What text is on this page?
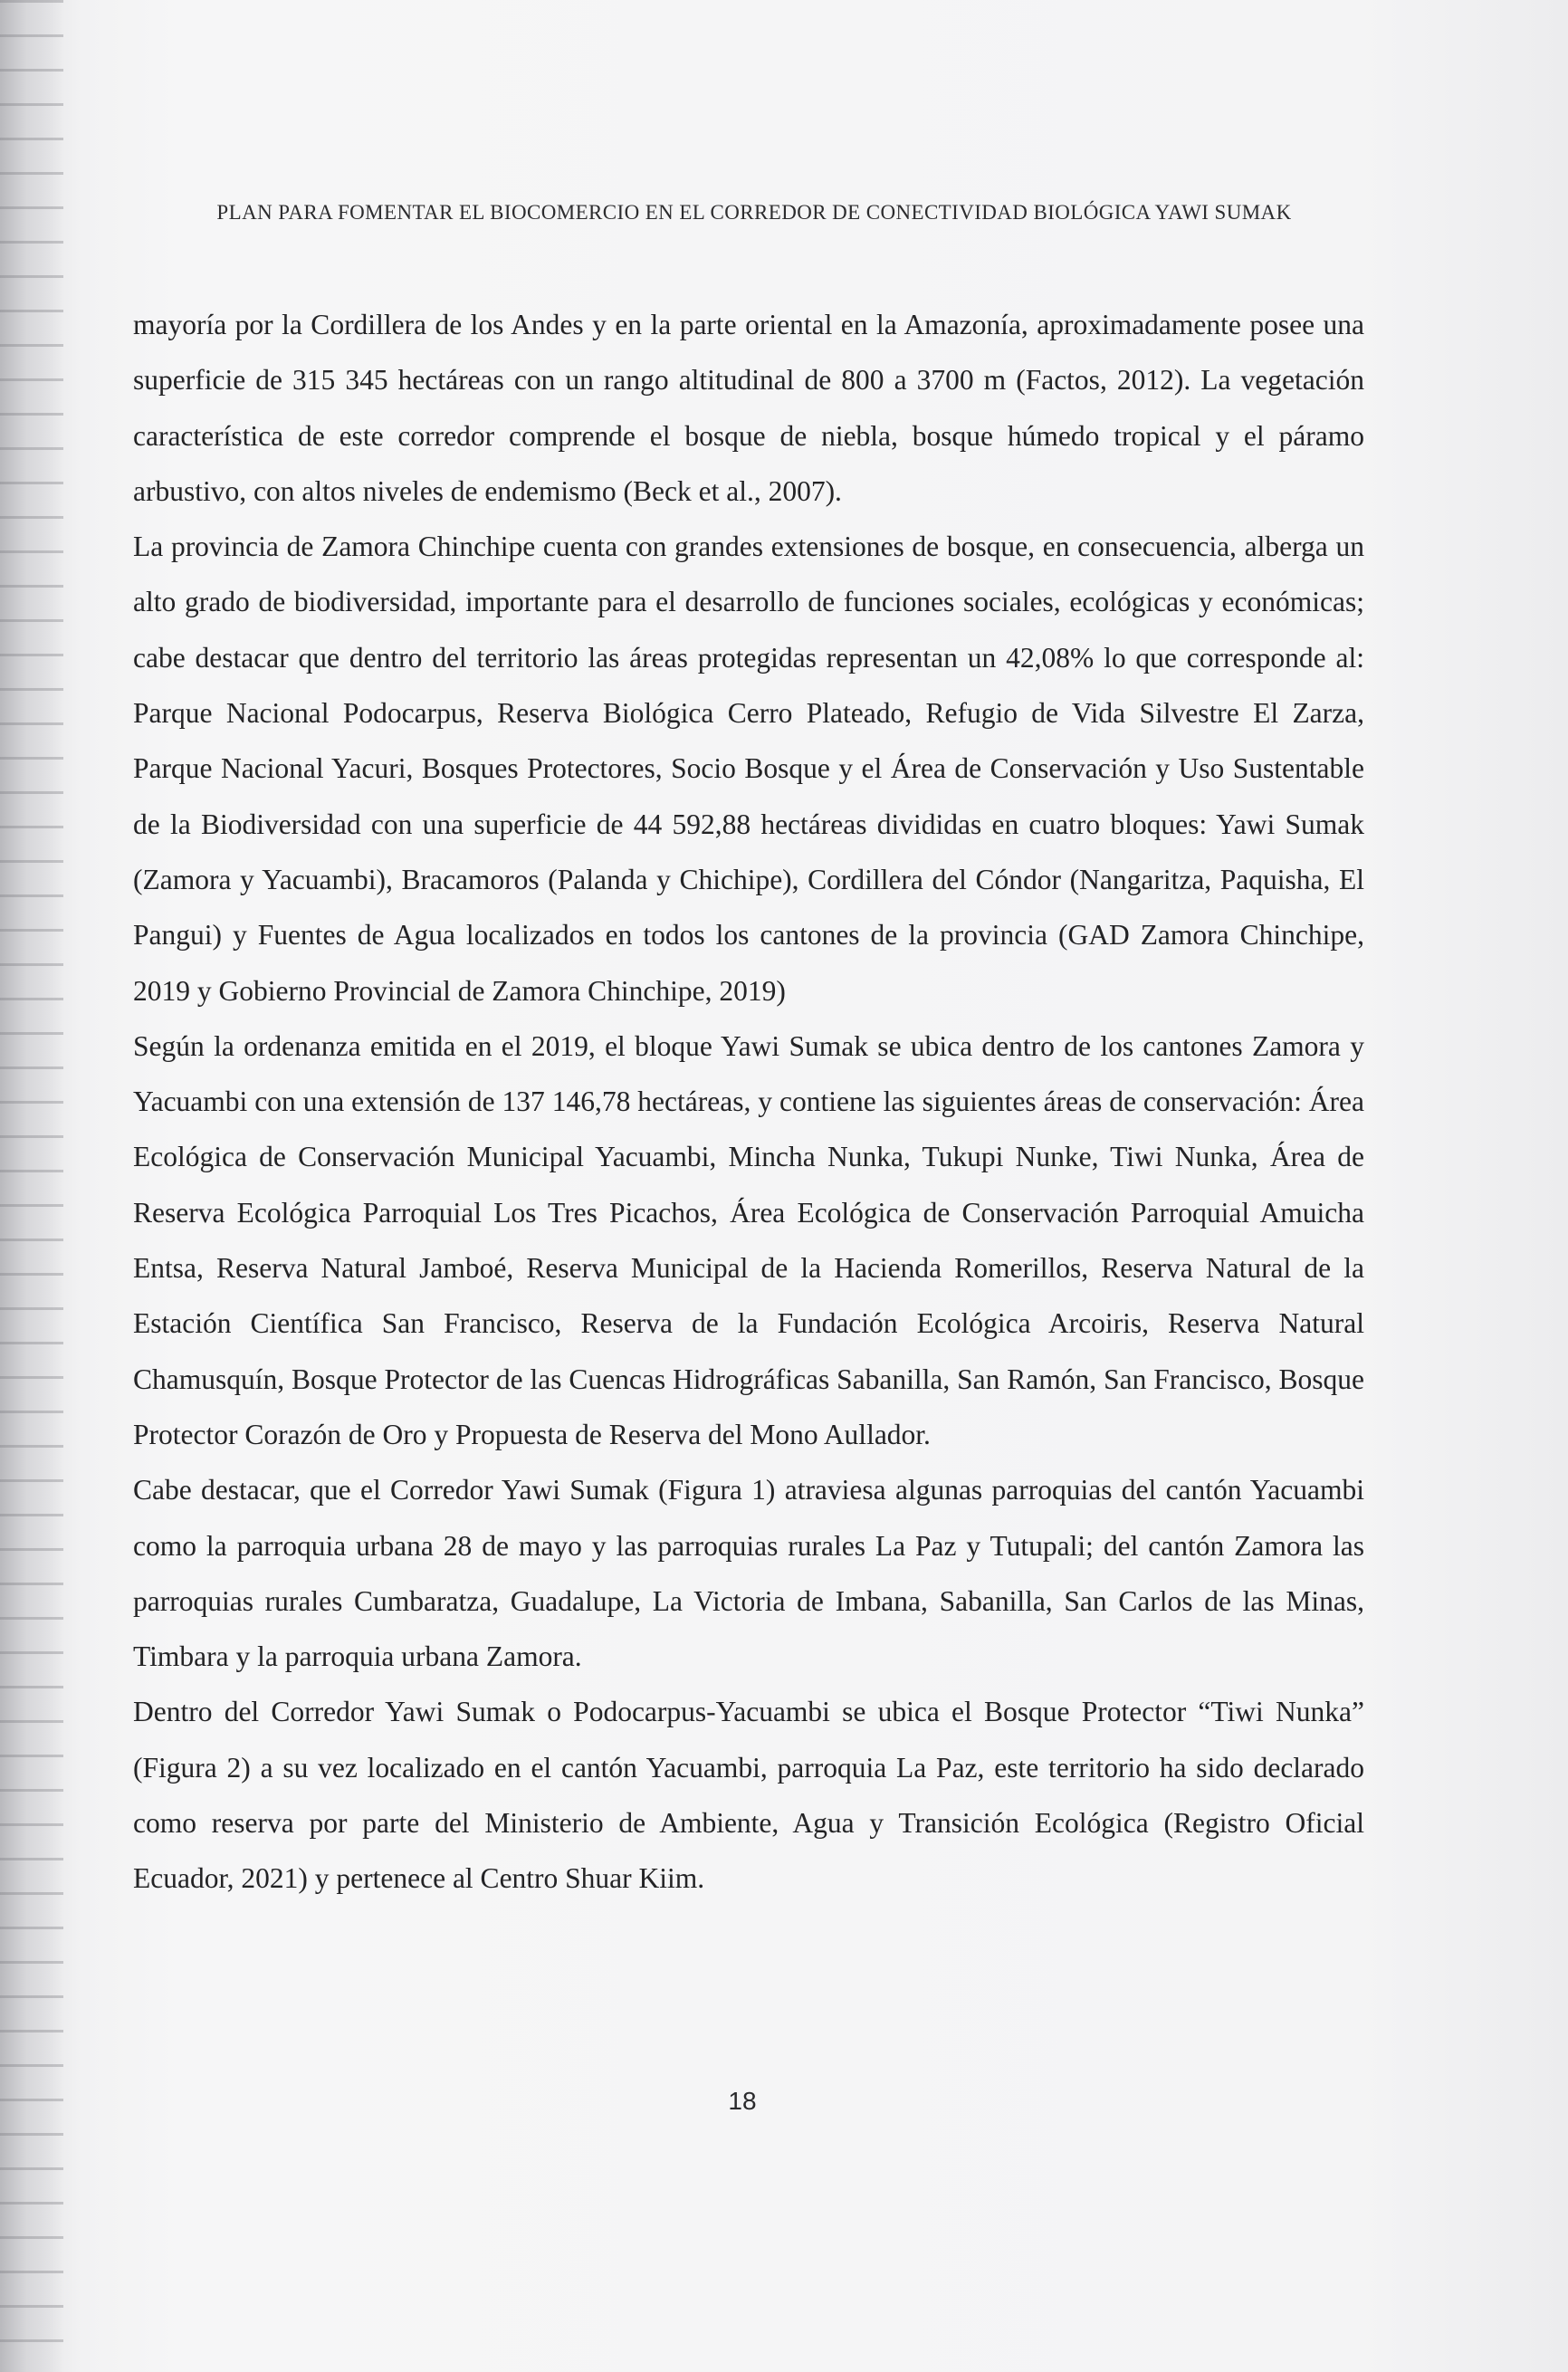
PLAN PARA FOMENTAR EL BIOCOMERCIO EN EL CORREDOR DE CONECTIVIDAD BIOLÓGICA YAWI SUMAK

mayoría por la Cordillera de los Andes y en la parte oriental en la Amazonía, aproximadamente posee una superficie de 315 345 hectáreas con un rango altitudinal de 800 a 3700 m (Factos, 2012). La vegetación característica de este corredor comprende el bosque de niebla, bosque húmedo tropical y el páramo arbustivo, con altos niveles de endemismo (Beck et al., 2007).

La provincia de Zamora Chinchipe cuenta con grandes extensiones de bosque, en consecuencia, alberga un alto grado de biodiversidad, importante para el desarrollo de funciones sociales, ecológicas y económicas; cabe destacar que dentro del territorio las áreas protegidas representan un 42,08% lo que corresponde al: Parque Nacional Podocarpus, Reserva Biológica Cerro Plateado, Refugio de Vida Silvestre El Zarza, Parque Nacional Yacuri, Bosques Protectores, Socio Bosque y el Área de Conservación y Uso Sustentable de la Biodiversidad con una superficie de 44 592,88 hectáreas divididas en cuatro bloques: Yawi Sumak (Zamora y Yacuambi), Bracamoros (Palanda y Chichipe), Cordillera del Cóndor (Nangaritza, Paquisha, El Pangui) y Fuentes de Agua localizados en todos los cantones de la provincia (GAD Zamora Chinchipe, 2019 y Gobierno Provincial de Zamora Chinchipe, 2019)

Según la ordenanza emitida en el 2019, el bloque Yawi Sumak se ubica dentro de los cantones Zamora y Yacuambi con una extensión de 137 146,78 hectáreas, y contiene las siguientes áreas de conservación: Área Ecológica de Conservación Municipal Yacuambi, Mincha Nunka, Tukupi Nunke, Tiwi Nunka, Área de Reserva Ecológica Parroquial Los Tres Picachos, Área Ecológica de Conservación Parroquial Amuicha Entsa, Reserva Natural Jamboé, Reserva Municipal de la Hacienda Romerillos, Reserva Natural de la Estación Científica San Francisco, Reserva de la Fundación Ecológica Arcoiris, Reserva Natural Chamusquín, Bosque Protector de las Cuencas Hidrográficas Sabanilla, San Ramón, San Francisco, Bosque Protector Corazón de Oro y Propuesta de Reserva del Mono Aullador.

Cabe destacar, que el Corredor Yawi Sumak (Figura 1) atraviesa algunas parroquias del cantón Yacuambi como la parroquia urbana 28 de mayo y las parroquias rurales La Paz y Tutupali; del cantón Zamora las parroquias rurales Cumbaratza, Guadalupe, La Victoria de Imbana, Sabanilla, San Carlos de las Minas, Timbara y la parroquia urbana Zamora.

Dentro del Corredor Yawi Sumak o Podocarpus-Yacuambi se ubica el Bosque Protector “Tiwi Nunka” (Figura 2) a su vez localizado en el cantón Yacuambi, parroquia La Paz, este territorio ha sido declarado como reserva por parte del Ministerio de Ambiente, Agua y Transición Ecológica (Registro Oficial Ecuador, 2021) y pertenece al Centro Shuar Kiim.

18
